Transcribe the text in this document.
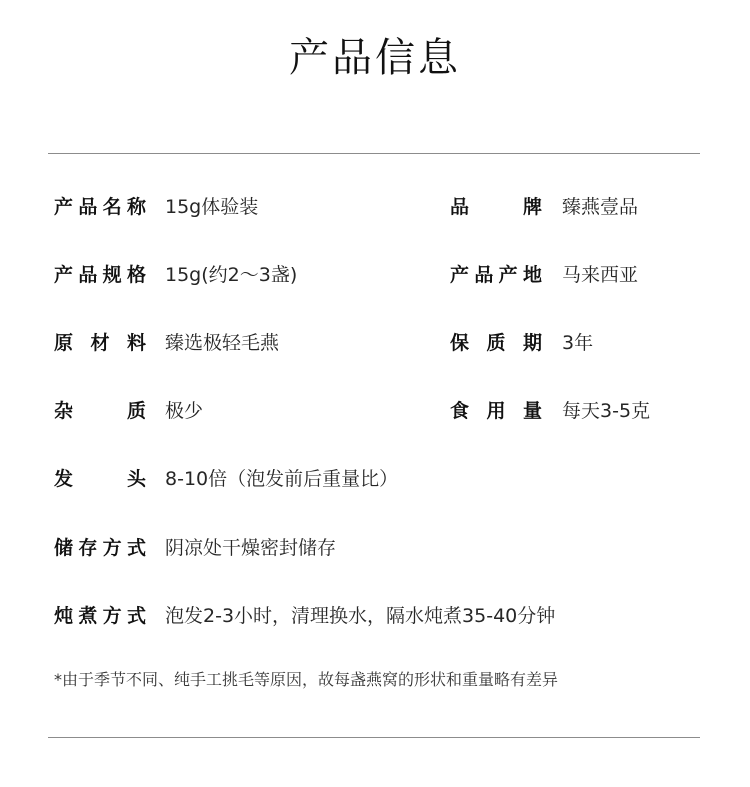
产品信息
产品名称 15g体验装	品牌 臻燕壹品
产品规格 15g(约2～3盏)	产品产地 马来西亚
原材料 臻选极轻毛燕	保质期 3年
杂质 极少	食用量 每天3-5克
发头 8-10倍（泡发前后重量比）
储存方式 阴凉处干燥密封储存
炖煮方式 泡发2-3小时，清理换水，隔水炖煮35-40分钟
*由于季节不同、纯手工挑毛等原因，故每盏燕窝的形状和重量略有差异
